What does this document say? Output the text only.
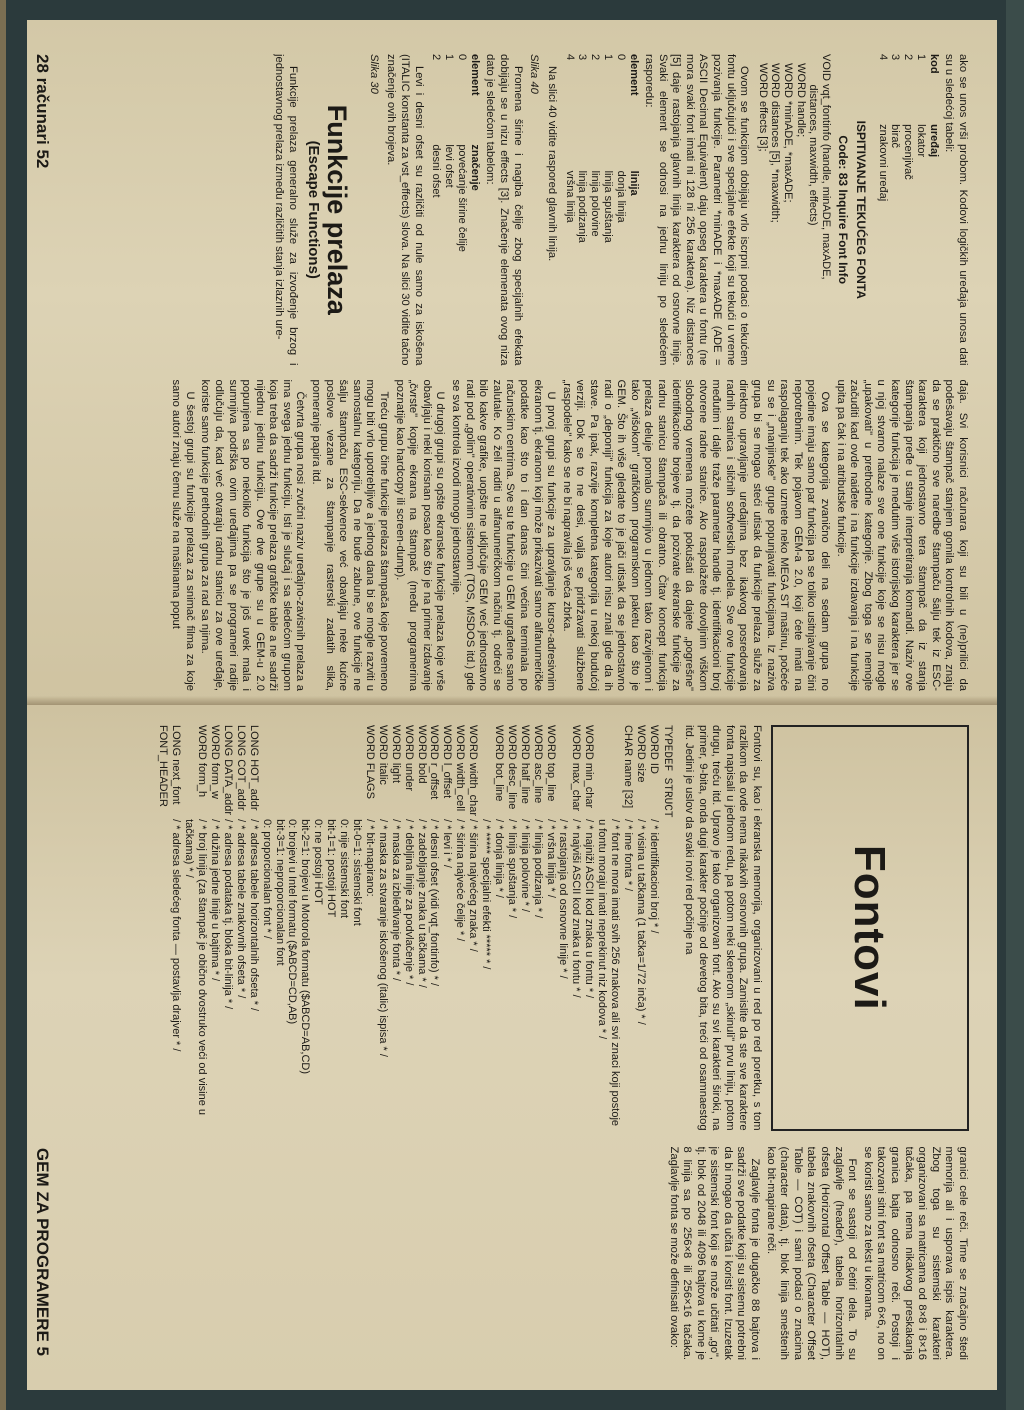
ako se unos vrši probom. Kodovi logičkih uređaja unosa dati su u sledećoj tabeli:

kod	uređaj
1	lokator
2	procenjivač
3	birač
4	znakovni uređaj
ISPITIVANJE TEKUĆEG FONTA
Code: 83 Inquire Font Info
VOID vqt_fontinfo (handle, minADE, maxADE,
distances, maxwidth, effects)
WORD handle;
WORD *minADE, *maxADE;
WORD distances [5], *maxwidth;
WORD effects [3];

Ovom se funkcijom dobijaju vrlo iscrpni podaci o tekućem fontu uključujući i sve specijalne efekte koji su tekući u vreme pozivanja funkcije. Parametri *minADE i *maxADE (ADE = ASCII Decimal Equivalent) daju opseg karaktera u fontu (ne mora svaki font imati ni 128 ni 256 karaktera). Niz distances [5] daje rastojanja glavnih linija karaktera od osnovne linije. Svaki element se odnosi na jednu liniju po sledećem rasporedu:

element	linija
0	donja linija
1	linija spuštanja
2	linija polovine
3	linija podizanja
4	vršna linija

Na slici 40 vidite raspored glavnih linija.

Slika 40

Promena širine i nagiba čelije zbog specijalnih efekata dobijaju se u nizu effects [3]. Značenje elemenata ovog niza dato je sledećom tabelom:

element	značenje
0	povećanje širine čelije
1	levi ofset
2	desni ofset

Levi i desni ofset su različiti od nule samo za iskošena (ITALIC konstanta za vst_effects) slova. Na slici 30 vidite tačno značenje ovih brojeva.

Slika 30
Funkcije prelaza
(Escape Functions)

Funkcije prelaza generalno služe za izvođenje brzog i jednostavnog prelaza između različitih stanja izlaznih ure-

đaja. Svi korisnici računara koji su bili u (ne)prilici da podešavaju štampač stanjem gomila kontrolnih kodova, znaju da se praktično sve naredbe štampaču šalju tek iz ESC-karaktera koji jednostavno tera štampač da iz stanja štampanja pređe u stanje interpretiranja komandi. Naziv ove kategorije funkcija je međutim više istorijskog karaktera jer se u njoj stvarno nalaze sve one funkcije koje se nisu mogle „upakovati" u prethodne kategorije. Zbog toga se nemojte začuditi kad ovde naiđete i na funkcije izdavanja i na funkcije upita pa čak i na atributske funkcije.

Ova se kategorija zvanično deli na sedam grupa no pojedine imaju samo par funkcija pa se toliko usitnjavanje čini nepotrebnim. Tek pojavom GEM-a 2.0, koji ćete imati na raspolaganju tek ako uzmete neko MEGA ST mašinu, počeće su se i „manjinske" grupe popunjavati funkcijama. Iz naziva grupa bi se mogao steći utisak da funkcije prelaza služe za direktno upravljanje uređajima bez ikakvog posredovanja radnih stanica i sličnih softverskih modela. Sve ove funkcije međutim i dalje traže parametar handle tj. identifikacioni broj otvorene radne stanice. Ako raspolažete dovoljnim viškom slobodnog vremena možete pokušati da dajete „pogrešne" identifikacione brojeve tj. da pozivate ekranske funkcije za radnu stanicu štampača ili obratno. Čitav koncept funkcija prelaza deluje pomalo sumnjivo u jednom tako razvijenom i tako „višokom" grafičkom programskom paketu kao što je GEM. Što ih više gledate to je jači utisak da se jednostavno radi o „deponiji" funkcija za koje autori nisu znali gde da ih stave. Pa ipak, razvije kompletna kategorija u nekoj budućoj verziji. Dok se to ne desi, valja se pridržavati službene „raspodele" kako se ne bi napravila još veća zbrka.

U prvoj grupi su funkcije za upravljanje kursor-adresivnim ekranom tj. ekranom koji može prikazivati samo alfanumeričke podatke kao što to i dan danas čini većina terminala po računskim centrima. Sve su te funkcije u GEM ugrađene samo zalutale. Ko želi raditi u alfanumeričkom načinu tj. odreći se bilo kakve grafike, uopšte ne uključuje GEM već jednostavno radi pod „golim" operativnim sistemom (TOS, MSDOS itd.) gde se sva kontrola izvodi mnogo jednostavnije.

U drugoj grupi su opšte ekranske funkcije prelaza koje vrše obavljaju i neki korisnan posao kao što je na primer izdavanje „čvrste" kopije ekrana na štampač (među programerima poznatije kao hardcopy ili screen-dump).

Treću grupu čine funkcije prelaza štampača koje povremeno mogu biti vrlo upotrebljive a jednog dana bi se mogle razviti u samostalnu kategoriju. Da ne bude zabune, ove funkcije ne šalju štampaču ESC-sekvence već obavljaju neke kućne poslove vezane za štampanje rasterski zadatih slika, pomeranje papira itd.

Četvrta grupa nosi zvučni naziv uređajno-zavisnih prelaza a ima svega jednu funkciju. Isti je slučaj i sa sledećom grupom koja treba da sadrži funkcije prelaza grafičke table a ne sadrži nijednu jedinu funkciju. Ove dve grupe su u GEM-u 2.0 popunjena sa po nekoliko funkcija što je još uvek mala i sumnjiva podrška ovim uređajima pa se programeri radije odlučuju da, kad već otvaraju radnu stanicu za ove uređaje, koriste samo funkcije prethodnih grupa za rad sa njima.

U šestoj grupi su funkcije prelaza za snimač filma za koje samo autori znaju čemu služe na mašinama poput

28 računari 52
Fontovi

Fontovi su, kao i ekranska memorija, organizovani u red po red poretku, s tom razlikom da ovde nema nikakvih osnovnih grupa. Zamislite da ste sve karaktere fonta napisali u jednom redu, pa potom neki skenerom „skinuli" prvu liniju, potom drugu, treću itd. Upravo je tako organizovan font. Ako su svi karakteri široki, na primer, 9-bita, onda dugi karakter počinje od devetog bita, treći od osamnaestog itd. Jedini je uslov da svaki novi red počinje na

TYPEDEF STRUCT
WORD ID	/ * identifikacioni broj * /
WORD size	/ * visina u tačkama (1 tačka=1/72 inča) * /
CHAR name [32]	/ * ime fonta * /
	/ * font ne mora imati svih 256 znakova ali svi znaci koji postoje u fontu moraju imati neprekinut niz kodova * /
WORD min_char	/ * najniži ASCII kod znaka u fontu * /
WORD max_char	/ * najviši ASCII kod znaka u fontu * /
	/ * rastojanja od osnovne linije * /
WORD top_line	/ * vršna linija * /
WORD asc_line	/ * linija podizanja * /
WORD half_line	/ * linija polovine * /
WORD desc_line	/ * linija spuštanja * /
WORD bot_line	/ * donja linija * /
	/ * ***** specijalni efekti ***** * /
WORD width_char	/ * širina najvećeg znaka * /
WORD width_cell	/ * širina najveće čelije * /
WORD l_offset	/ * levi i * /
WORD r_offset	/ * desni ofset (vidi vqt_fontinfo) * /
WORD bold	/ * zadebljanje znaka u tačkama * /
WORD under	/ * debljina linije za podvlačenje * /
WORD light	/ * maska za izbleđivanje fonta * /
WORD italic	/ * maska za stvaranje iskošenog (italic) ispisa * /
WORD FLAGS	/ * bit-mapirano:
	bit-0=1: sistemski font
	0: nije sistemski font
	bit-1=1: postoji HOT
	0: ne postoji HOT
	bit-2=1: brojevi u Motorola formatu ($ABCD=AB,CD)
	0: brojevi u Intel formatu ($ABCD=CD,AB)
	bit-3=1: neproporcionalan font
	0: proporcionalan font * /
LONG HOT_addr	/ * adresa tabele horizontalnih ofseta * /
LONG COT_addr	/ * adresa tabele znakovnih ofseta * /
LONG DATA_addr	/ * adresa podataka tj. bloka bit-linija * /
WORD form_w	/ * dužina jedne linije u bajtima * /
WORD form_h	/ * broj linija (za štampač je obično dvostruko veći od visine u tačkama) * /
LONG next_font	/ * adresa sledećeg fonta — postavlja drajver * /
FONT_HEADER	

granici cele reči. Time se značajno štedi memorija ali i usporava ispis karaktera. Zbog toga su sistemski karakteri organizovani sa matricama od 8×8 i 8×16 tačaka, pa nema nikakvog preskakanja granica bajta odnosno reči. Postoji i takozvani sitni font sa matricom 6×6, no on se koristi samo za tekst u ikonama.

Font se sastoji od četiri dela. To su zaglavlje (header), tabela horizontalnih ofseta (Horizontal Offset Table — HOT), tabela znakovnih ofseta (Character Offset Table — COT) i sami podaci o znacima (character data), tj. blok linija smeštenih kao bit-mapirane reči.

Zaglavlje fonta je dugačko 88 bajtova i sadrži sve podatke koji su sistemu potrebni da bi mogao da učita i koristi font. Izuzetak je sistemski font koji se može učitati „go", tj. blok od 2048 ili 4096 bajtova u kome je 8 linija sa po 256×8 ili 256×16 tačaka. Zaglavlje fonta se može definisati ovako:

GEM ZA PROGRAMERE 5
